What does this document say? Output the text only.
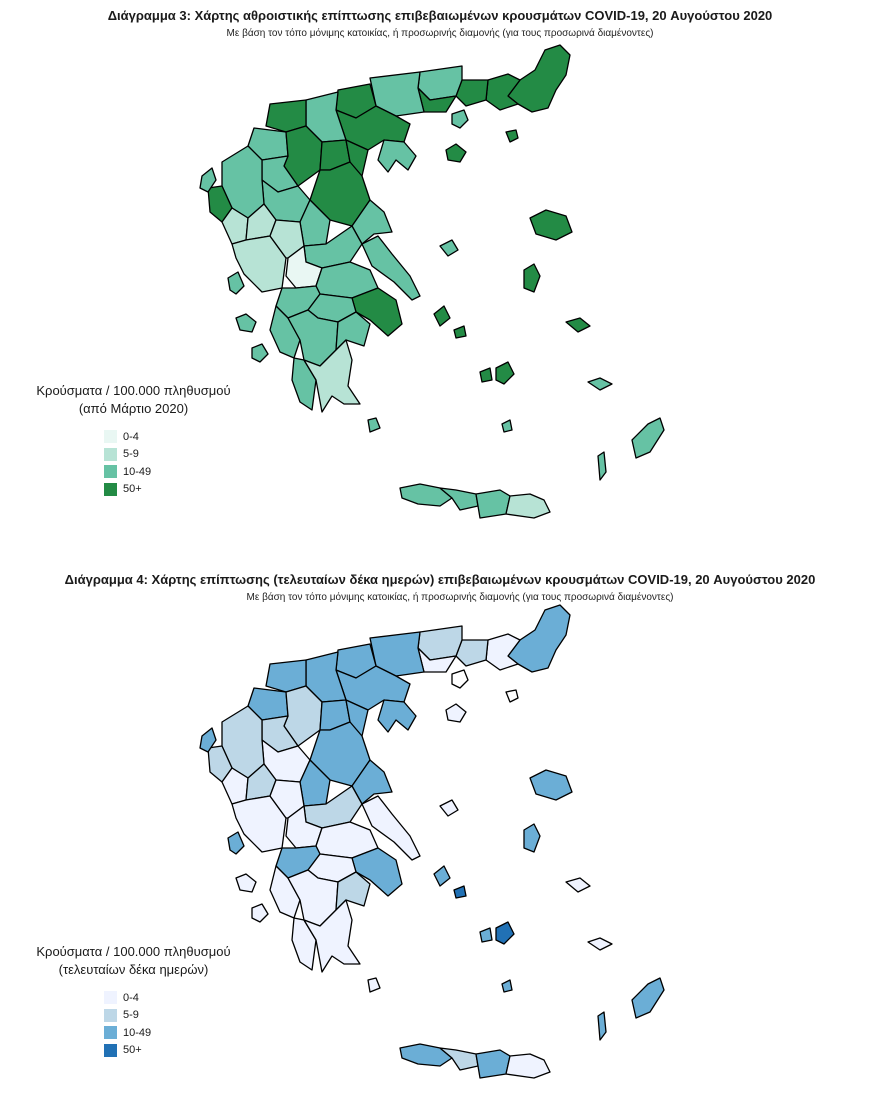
Διάγραμμα 3: Χάρτης αθροιστικής επίπτωσης επιβεβαιωμένων κρουσμάτων COVID-19, 20 Αυγούστου 2020
Με βάση τον τόπο μόνιμης κατοικίας, ή προσωρινής διαμονής (για τους προσωρινά διαμένοντες)
Κρούσματα / 100.000 πληθυσμού
(από Μάρτιο 2020)
0-4
5-9
10-49
50+
Διάγραμμα 4: Χάρτης επίπτωσης (τελευταίων δέκα ημερών) επιβεβαιωμένων κρουσμάτων COVID-19, 20 Αυγούστου 2020
Με βάση τον τόπο μόνιμης κατοικίας, ή προσωρινής διαμονής (για τους προσωρινά διαμένοντες)
Κρούσματα / 100.000 πληθυσμού
(τελευταίων δέκα ημερών)
0-4
5-9
10-49
50+
